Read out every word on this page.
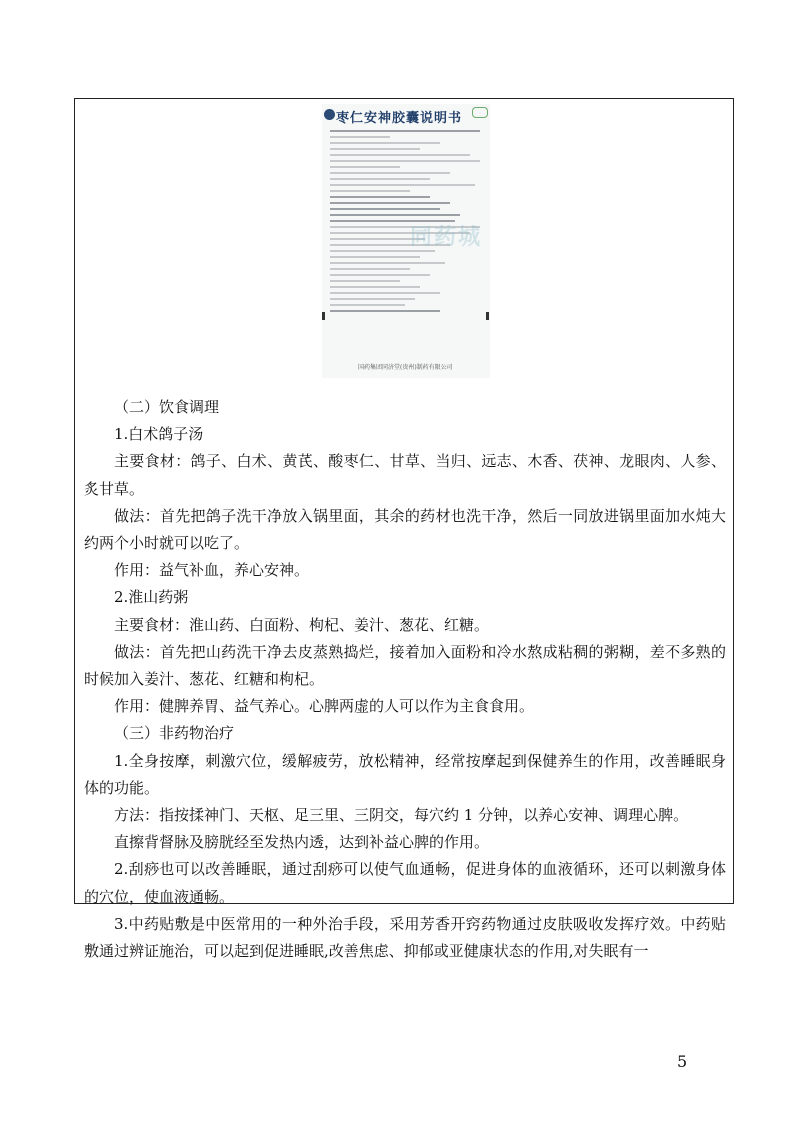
枣仁安神胶囊说明书
同药城
国药集团同济堂(贵州)制药有限公司

（二）饮食调理

1.白术鸽子汤

主要食材：鸽子、白术、黄芪、酸枣仁、甘草、当归、远志、木香、茯神、龙眼肉、人参、炙甘草。

做法：首先把鸽子洗干净放入锅里面，其余的药材也洗干净，然后一同放进锅里面加水炖大约两个小时就可以吃了。

作用：益气补血，养心安神。

2.淮山药粥

主要食材：淮山药、白面粉、枸杞、姜汁、葱花、红糖。

做法：首先把山药洗干净去皮蒸熟捣烂，接着加入面粉和冷水熬成粘稠的粥糊，差不多熟的时候加入姜汁、葱花、红糖和枸杞。

作用：健脾养胃、益气养心。心脾两虚的人可以作为主食食用。

（三）非药物治疗

1.全身按摩，刺激穴位，缓解疲劳，放松精神，经常按摩起到保健养生的作用，改善睡眠身体的功能。

方法：指按揉神门、天枢、足三里、三阴交，每穴约 1 分钟，以养心安神、调理心脾。

直擦背督脉及膀胱经至发热内透，达到补益心脾的作用。

2.刮痧也可以改善睡眠，通过刮痧可以使气血通畅，促进身体的血液循环，还可以刺激身体的穴位，使血液通畅。

3.中药贴敷是中医常用的一种外治手段，采用芳香开窍药物通过皮肤吸收发挥疗效。中药贴敷通过辨证施治，可以起到促进睡眠,改善焦虑、抑郁或亚健康状态的作用,对失眠有一

5
